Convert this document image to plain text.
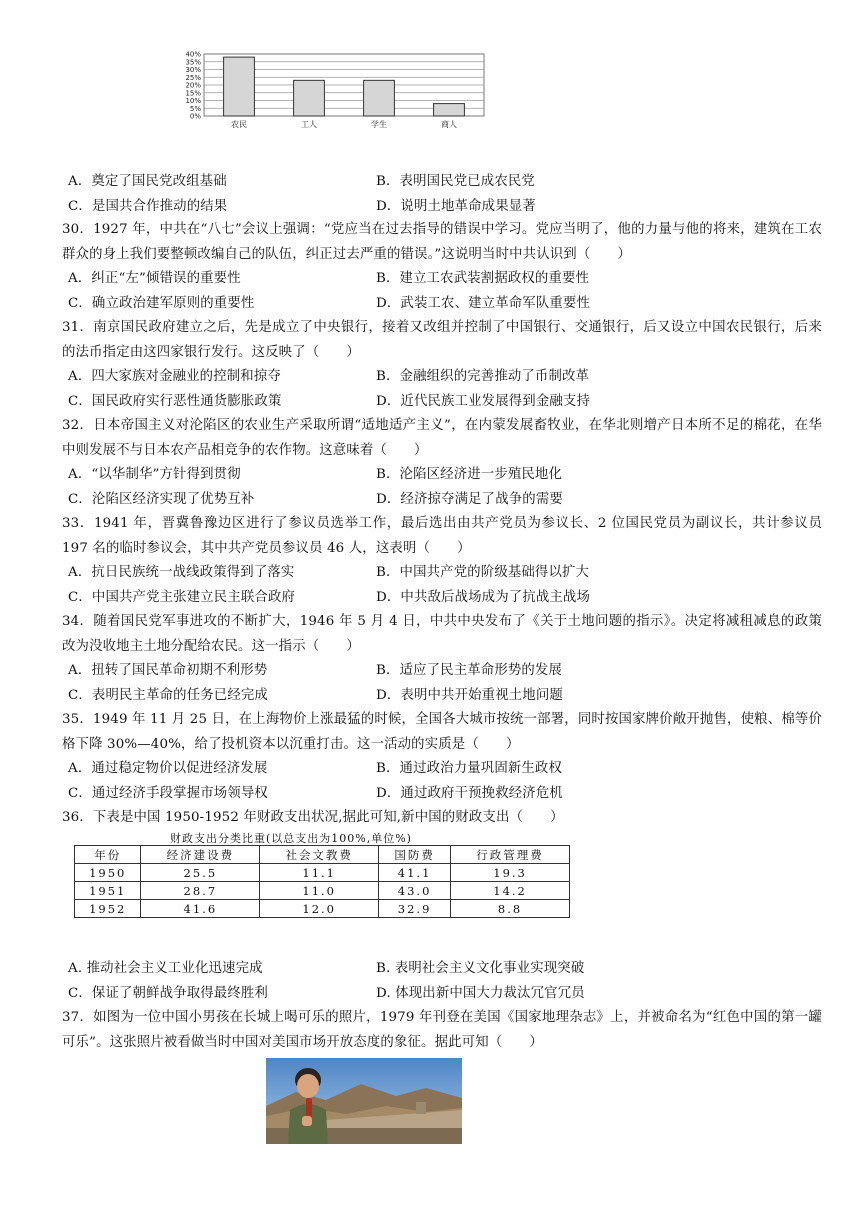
40%
35%
30%
25%
20%
15%
10%
5%
0%
农民	工人	学生	商人
A．奠定了国民党改组基础	B．表明国民党已成农民党
C．是国共合作推动的结果	D．说明土地革命成果显著
30．1927 年，中共在“八七”会议上强调：“党应当在过去指导的错误中学习。党应当明了，他的力量与他的将来，建筑在工农群众的身上我们要整顿改编自己的队伍，纠正过去严重的错误。”这说明当时中共认识到（　　）
A．纠正“左”倾错误的重要性	B．建立工农武装割据政权的重要性
C．确立政治建军原则的重要性	D．武装工农、建立革命军队重要性
31．南京国民政府建立之后，先是成立了中央银行，接着又改组并控制了中国银行、交通银行，后又设立中国农民银行，后来的法币指定由这四家银行发行。这反映了（　　）
A．四大家族对金融业的控制和掠夺	B．金融组织的完善推动了币制改革
C．国民政府实行恶性通货膨胀政策	D．近代民族工业发展得到金融支持
32．日本帝国主义对沦陷区的农业生产采取所谓“适地适产主义”，在内蒙发展畜牧业，在华北则增产日本所不足的棉花，在华中则发展不与日本农产品相竞争的农作物。这意味着（　　）
A．“以华制华”方针得到贯彻	B．沦陷区经济进一步殖民地化
C．沦陷区经济实现了优势互补	D．经济掠夺满足了战争的需要
33．1941 年，晋冀鲁豫边区进行了参议员选举工作，最后选出由共产党员为参议长、2 位国民党员为副议长，共计参议员 197 名的临时参议会，其中共产党员参议员 46 人，这表明（　　）
A．抗日民族统一战线政策得到了落实	B．中国共产党的阶级基础得以扩大
C．中国共产党主张建立民主联合政府	D．中共敌后战场成为了抗战主战场
34．随着国民党军事进攻的不断扩大，1946 年 5 月 4 日，中共中央发布了《关于土地问题的指示》。决定将减租减息的政策改为没收地主土地分配给农民。这一指示（　　）
A．扭转了国民革命初期不利形势	B．适应了民主革命形势的发展
C．表明民主革命的任务已经完成	D．表明中共开始重视土地问题
35．1949 年 11 月 25 日，在上海物价上涨最猛的时候，全国各大城市按统一部署，同时按国家牌价敞开抛售，使粮、棉等价格下降 30%—40%，给了投机资本以沉重打击。这一活动的实质是（　　）
A．通过稳定物价以促进经济发展	B．通过政治力量巩固新生政权
C．通过经济手段掌握市场领导权	D．通过政府干预挽救经济危机
36．下表是中国 1950-1952 年财政支出状况,据此可知,新中国的财政支出（　　）
财政支出分类比重(以总支出为100%,单位%)
年份	经济建设费	社会文教费	国防费	行政管理费
1950	25.5	11.1	41.1	19.3
1951	28.7	11.0	43.0	14.2
1952	41.6	12.0	32.9	8.8
A. 推动社会主义工业化迅速完成	B. 表明社会主义文化事业实现突破
C．保证了朝鲜战争取得最终胜利	D. 体现出新中国大力裁汰冗官冗员
37．如图为一位中国小男孩在长城上喝可乐的照片，1979 年刊登在美国《国家地理杂志》上，并被命名为“红色中国的第一罐可乐”。这张照片被看做当时中国对美国市场开放态度的象征。据此可知（　　）
